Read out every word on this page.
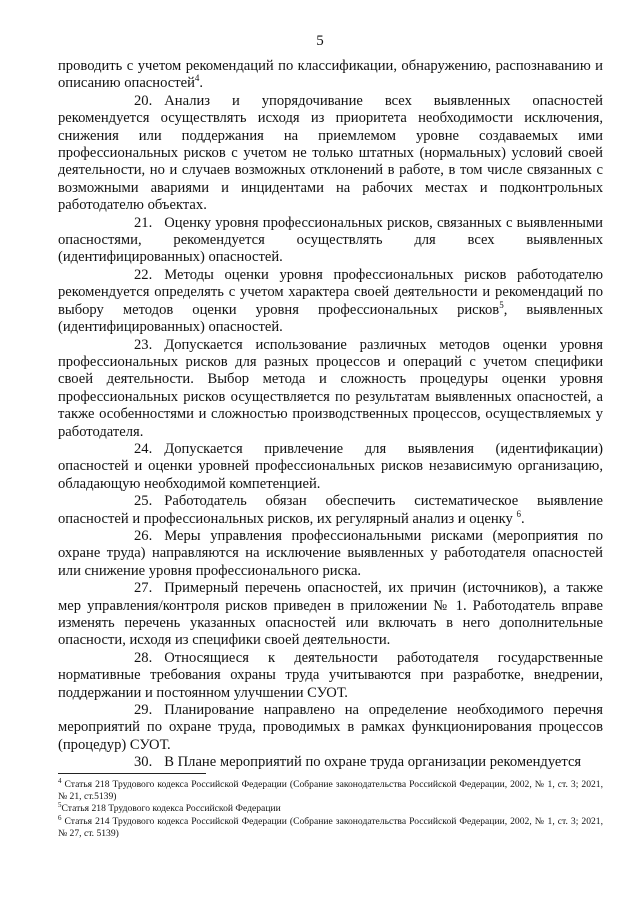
5

проводить с учетом рекомендаций по классификации, обнаружению, распознаванию и описанию опасностей$^4$.

20. Анализ и упорядочивание всех выявленных опасностей рекомендуется осуществлять исходя из приоритета необходимости исключения, снижения или поддержания на приемлемом уровне создаваемых ими профессиональных рисков с учетом не только штатных (нормальных) условий своей деятельности, но и случаев возможных отклонений в работе, в том числе связанных с возможными авариями и инцидентами на рабочих местах и подконтрольных работодателю объектах.

21. Оценку уровня профессиональных рисков, связанных с выявленными опасностями, рекомендуется осуществлять для всех выявленных (идентифицированных) опасностей.

22. Методы оценки уровня профессиональных рисков работодателю рекомендуется определять с учетом характера своей деятельности и рекомендаций по выбору методов оценки уровня профессиональных рисков$^5$, выявленных (идентифицированных) опасностей.

23. Допускается использование различных методов оценки уровня профессиональных рисков для разных процессов и операций с учетом специфики своей деятельности. Выбор метода и сложность процедуры оценки уровня профессиональных рисков осуществляется по результатам выявленных опасностей, а также особенностями и сложностью производственных процессов, осуществляемых у работодателя.

24. Допускается привлечение для выявления (идентификации) опасностей и оценки уровней профессиональных рисков независимую организацию, обладающую необходимой компетенцией.

25. Работодатель обязан обеспечить систематическое выявление опасностей и профессиональных рисков, их регулярный анализ и оценку $^6$.

26. Меры управления профессиональными рисками (мероприятия по охране труда) направляются на исключение выявленных у работодателя опасностей или снижение уровня профессионального риска.

27. Примерный перечень опасностей, их причин (источников), а также мер управления/контроля рисков приведен в приложении № 1. Работодатель вправе изменять перечень указанных опасностей или включать в него дополнительные опасности, исходя из специфики своей деятельности.

28. Относящиеся к деятельности работодателя государственные нормативные требования охраны труда учитываются при разработке, внедрении, поддержании и постоянном улучшении СУОТ.

29. Планирование направлено на определение необходимого перечня мероприятий по охране труда, проводимых в рамках функционирования процессов (процедур) СУОТ.

30. В Плане мероприятий по охране труда организации рекомендуется

$^4$ Статья 218 Трудового кодекса Российской Федерации (Собрание законодательства Российской Федерации, 2002, № 1, ст. 3; 2021, № 21, ст.5139)

$^5$Статья 218 Трудового кодекса Российской Федерации

$^6$ Статья 214 Трудового кодекса Российской Федерации (Собрание законодательства Российской Федерации, 2002, № 1, ст. 3; 2021, № 27, ст. 5139)
